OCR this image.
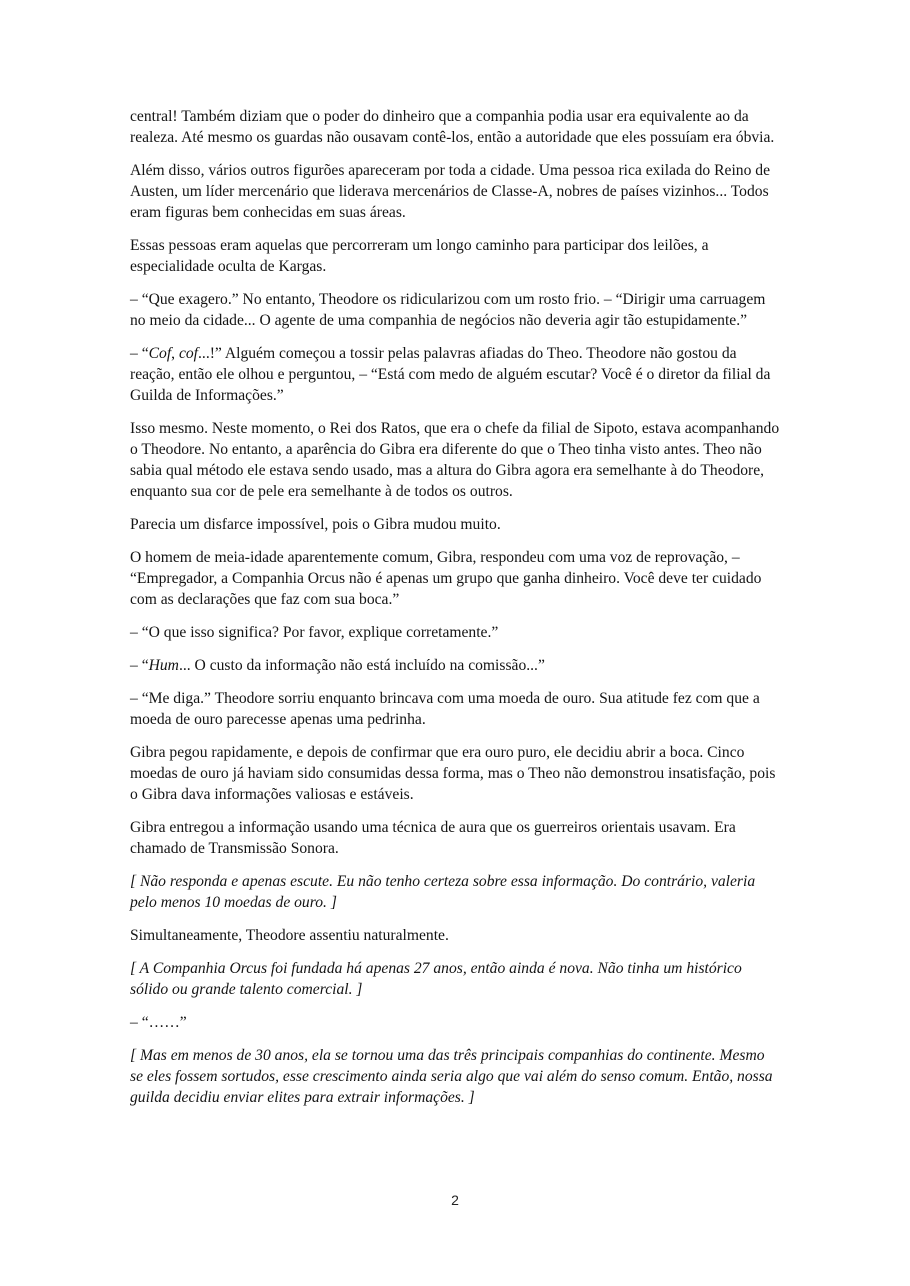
central! Também diziam que o poder do dinheiro que a companhia podia usar era equivalente ao da realeza. Até mesmo os guardas não ousavam contê-los, então a autoridade que eles possuíam era óbvia.

Além disso, vários outros figurões apareceram por toda a cidade. Uma pessoa rica exilada do Reino de Austen, um líder mercenário que liderava mercenários de Classe-A, nobres de países vizinhos... Todos eram figuras bem conhecidas em suas áreas.

Essas pessoas eram aquelas que percorreram um longo caminho para participar dos leilões, a especialidade oculta de Kargas.

– “Que exagero.” No entanto, Theodore os ridicularizou com um rosto frio. – “Dirigir uma carruagem no meio da cidade... O agente de uma companhia de negócios não deveria agir tão estupidamente.”

– “Cof, cof...!” Alguém começou a tossir pelas palavras afiadas do Theo. Theodore não gostou da reação, então ele olhou e perguntou, – “Está com medo de alguém escutar? Você é o diretor da filial da Guilda de Informações.”

Isso mesmo. Neste momento, o Rei dos Ratos, que era o chefe da filial de Sipoto, estava acompanhando o Theodore. No entanto, a aparência do Gibra era diferente do que o Theo tinha visto antes. Theo não sabia qual método ele estava sendo usado, mas a altura do Gibra agora era semelhante à do Theodore, enquanto sua cor de pele era semelhante à de todos os outros.

Parecia um disfarce impossível, pois o Gibra mudou muito.

O homem de meia-idade aparentemente comum, Gibra, respondeu com uma voz de reprovação, – “Empregador, a Companhia Orcus não é apenas um grupo que ganha dinheiro. Você deve ter cuidado com as declarações que faz com sua boca.”

– “O que isso significa? Por favor, explique corretamente.”

– “Hum... O custo da informação não está incluído na comissão...”

– “Me diga.” Theodore sorriu enquanto brincava com uma moeda de ouro. Sua atitude fez com que a moeda de ouro parecesse apenas uma pedrinha.

Gibra pegou rapidamente, e depois de confirmar que era ouro puro, ele decidiu abrir a boca. Cinco moedas de ouro já haviam sido consumidas dessa forma, mas o Theo não demonstrou insatisfação, pois o Gibra dava informações valiosas e estáveis.

Gibra entregou a informação usando uma técnica de aura que os guerreiros orientais usavam. Era chamado de Transmissão Sonora.

[ Não responda e apenas escute. Eu não tenho certeza sobre essa informação. Do contrário, valeria pelo menos 10 moedas de ouro. ]

Simultaneamente, Theodore assentiu naturalmente.

[ A Companhia Orcus foi fundada há apenas 27 anos, então ainda é nova. Não tinha um histórico sólido ou grande talento comercial. ]

– “……”

[ Mas em menos de 30 anos, ela se tornou uma das três principais companhias do continente. Mesmo se eles fossem sortudos, esse crescimento ainda seria algo que vai além do senso comum. Então, nossa guilda decidiu enviar elites para extrair informações. ]

2
